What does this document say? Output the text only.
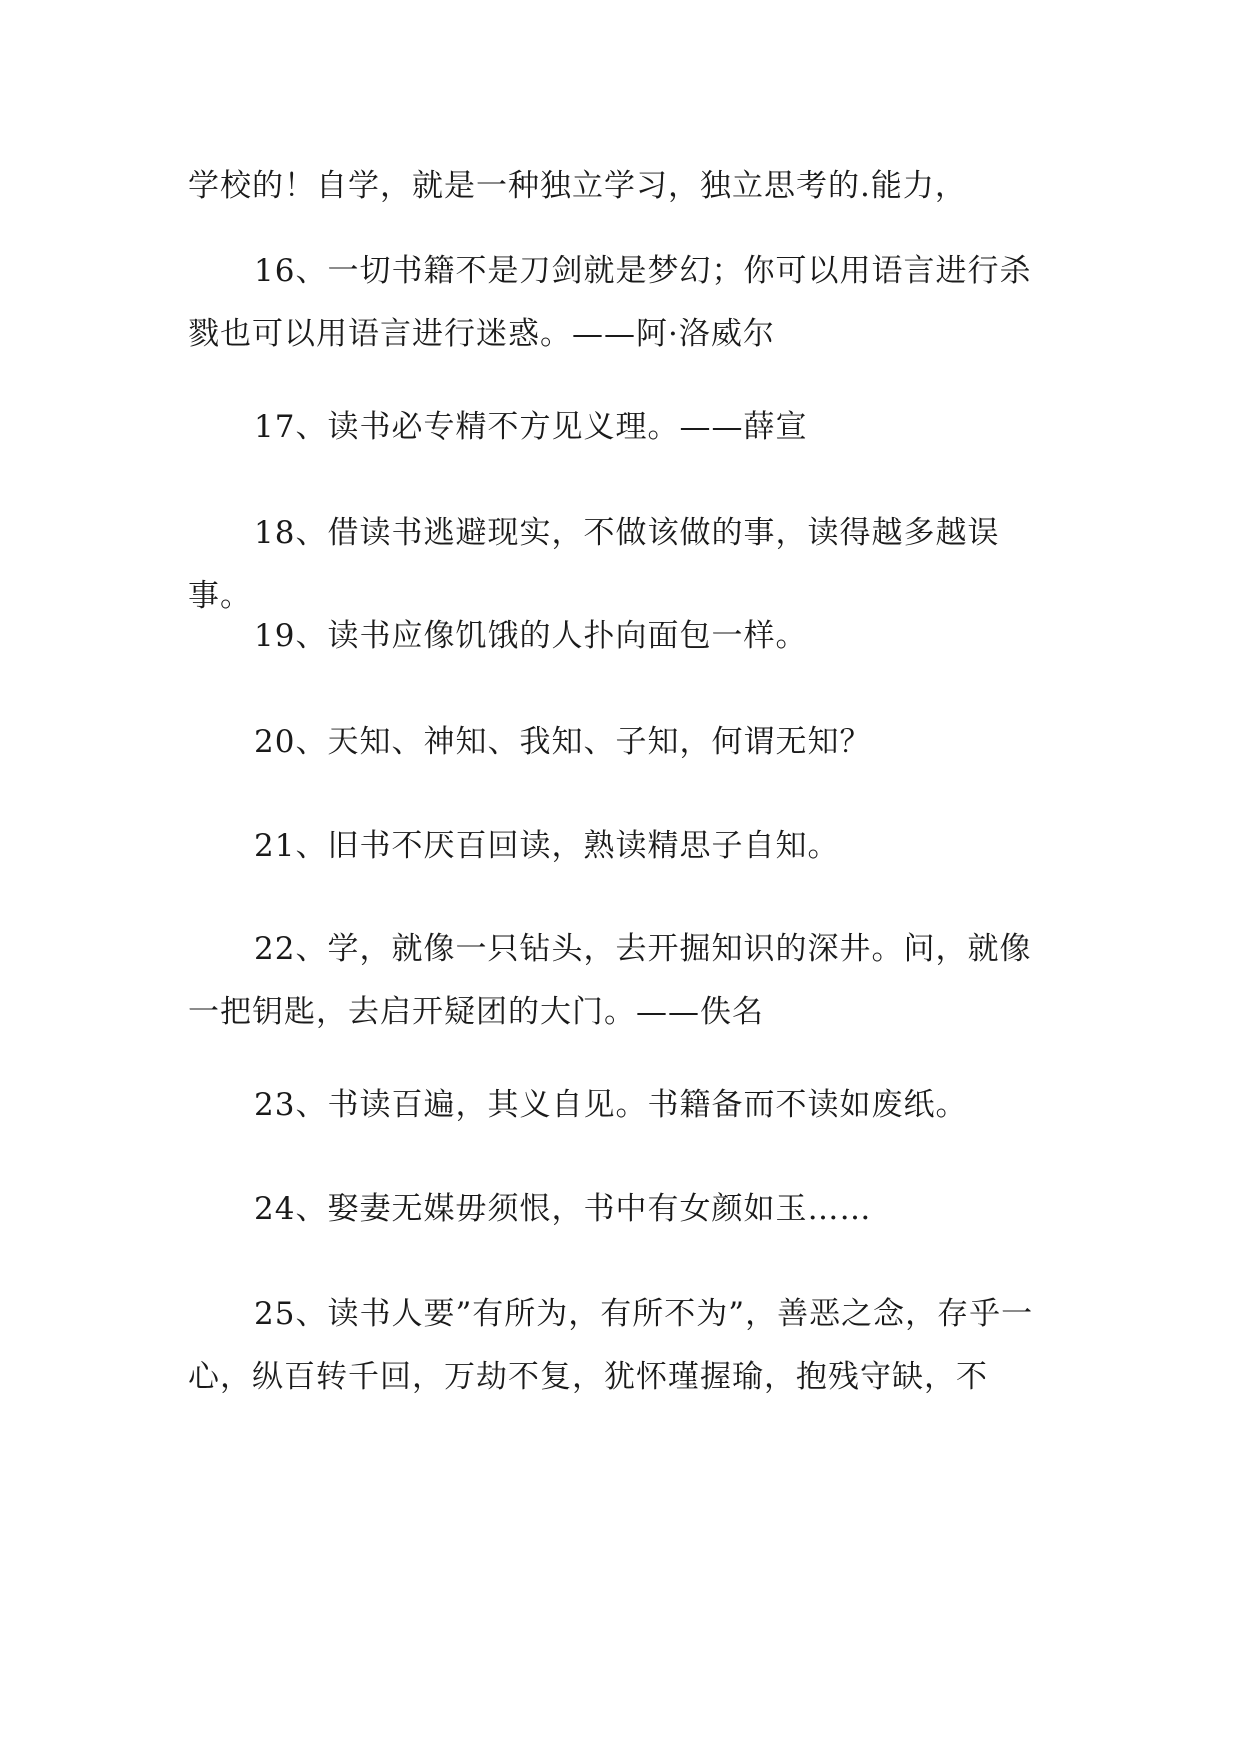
学校的！自学，就是一种独立学习，独立思考的.能力，

16、一切书籍不是刀剑就是梦幻；你可以用语言进行杀戮也可以用语言进行迷惑。——阿·洛威尔

17、读书必专精不方见义理。——薛宣

18、借读书逃避现实，不做该做的事，读得越多越误事。

19、读书应像饥饿的人扑向面包一样。

20、天知、神知、我知、子知，何谓无知？

21、旧书不厌百回读，熟读精思子自知。

22、学，就像一只钻头，去开掘知识的深井。问，就像一把钥匙，去启开疑团的大门。——佚名

23、书读百遍，其义自见。书籍备而不读如废纸。

24、娶妻无媒毋须恨，书中有女颜如玉……

25、读书人要”有所为，有所不为”，善恶之念，存乎一心，纵百转千回，万劫不复，犹怀瑾握瑜，抱残守缺，不
